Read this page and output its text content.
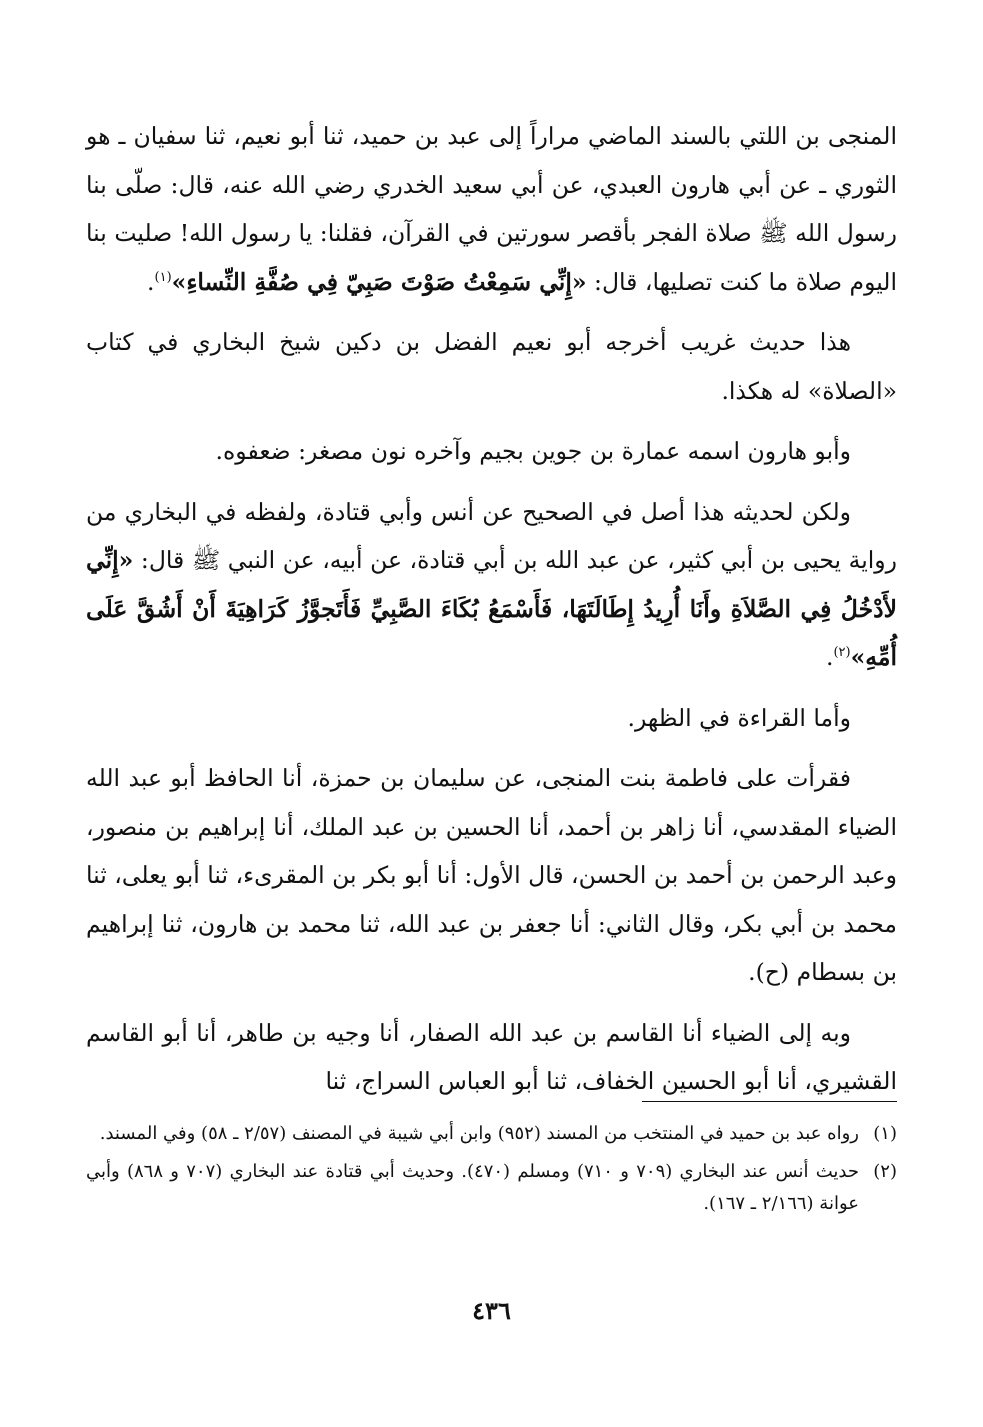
المنجى بن اللتي بالسند الماضي مراراً إلى عبد بن حميد، ثنا أبو نعيم، ثنا سفيان ـ هو الثوري ـ عن أبي هارون العبدي، عن أبي سعيد الخدري رضي الله عنه، قال: صلّى بنا رسول الله ﷺ صلاة الفجر بأقصر سورتين في القرآن، فقلنا: يا رسول الله! صليت بنا اليوم صلاة ما كنت تصليها، قال: «إِنِّي سَمِعْتُ صَوْتَ صَبِيّ فِي صُفَّةِ النِّساءِ»$^{(١)}$.

هذا حديث غريب أخرجه أبو نعيم الفضل بن دكين شيخ البخاري في كتاب «الصلاة» له هكذا.

وأبو هارون اسمه عمارة بن جوين بجيم وآخره نون مصغر: ضعفوه.

ولكن لحديثه هذا أصل في الصحيح عن أنس وأبي قتادة، ولفظه في البخاري من رواية يحيى بن أبي كثير، عن عبد الله بن أبي قتادة، عن أبيه، عن النبي ﷺ قال: «إِنِّي لأَدْخُلُ فِي الصَّلاَةِ وأَنَا أُرِيدُ إِطَالَتَهَا، فَأَسْمَعُ بُكَاءَ الصَّبِيِّ فَأَتَجوَّزُ كَرَاهِيَةَ أَنْ أَشُقَّ عَلَى أُمِّهِ»$^{(٢)}$.

وأما القراءة في الظهر.

فقرأت على فاطمة بنت المنجى، عن سليمان بن حمزة، أنا الحافظ أبو عبد الله الضياء المقدسي، أنا زاهر بن أحمد، أنا الحسين بن عبد الملك، أنا إبراهيم بن منصور، وعبد الرحمن بن أحمد بن الحسن، قال الأول: أنا أبو بكر بن المقرىء، ثنا أبو يعلى، ثنا محمد بن أبي بكر، وقال الثاني: أنا جعفر بن عبد الله، ثنا محمد بن هارون، ثنا إبراهيم بن بسطام (ح).

وبه إلى الضياء أنا القاسم بن عبد الله الصفار، أنا وجيه بن طاهر، أنا أبو القاسم القشيري، أنا أبو الحسين الخفاف، ثنا أبو العباس السراج، ثنا

(١)رواه عبد بن حميد في المنتخب من المسند (٩٥٢) وابن أبي شيبة في المصنف (٢/٥٧ ـ ٥٨) وفي المسند.

(٢)حديث أنس عند البخاري (٧٠٩ و ٧١٠) ومسلم (٤٧٠). وحديث أبي قتادة عند البخاري (٧٠٧ و ٨٦٨) وأبي عوانة (٢/١٦٦ ـ ١٦٧).

٤٣٦
